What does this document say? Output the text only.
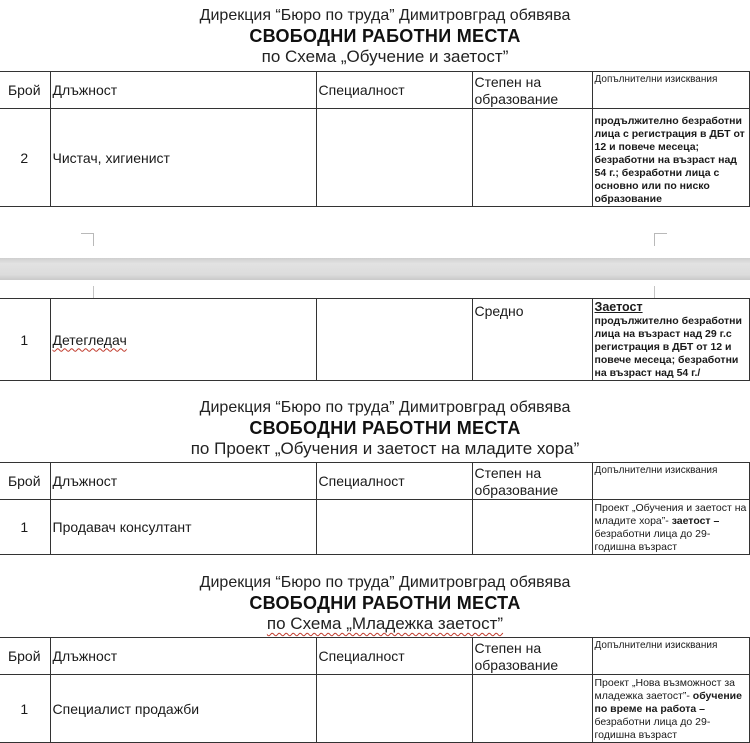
Дирекция “Бюро по труда” Димитровград обявява
СВОБОДНИ РАБОТНИ МЕСТА
по Схема „Обучение и заетост”
Брой	Длъжност	Специалност	Степен на
образование	Допълнителни изисквания
2	Чистач, хигиенист			продължително безработни лица с регистрация в ДБТ от 12 и повече месеца; безработни на възраст над 54 г.; безработни лица с основно или по ниско образование
1	Детегледач		Средно	Заетост
продължително безработни лица на възраст над 29 г.с регистрация в ДБТ от 12 и повече месеца; безработни на възраст над 54 г./
Дирекция “Бюро по труда” Димитровград обявява
СВОБОДНИ РАБОТНИ МЕСТА
по Проект „Обучения и заетост на младите хора”
Брой	Длъжност	Специалност	Степен на
образование	Допълнителни изисквания
1	Продавач консултант			Проект „Обучения и заетост на младите хора”- заетост – безработни лица до 29-годишна възраст
Дирекция “Бюро по труда” Димитровград обявява
СВОБОДНИ РАБОТНИ МЕСТА
по Схема „Младежка заетост”
Брой	Длъжност	Специалност	Степен на
образование	Допълнителни изисквания
1	Специалист продажби			Проект „Нова възможност за младежка заетост”- обучение по време на работа – безработни лица до 29-годишна възраст
